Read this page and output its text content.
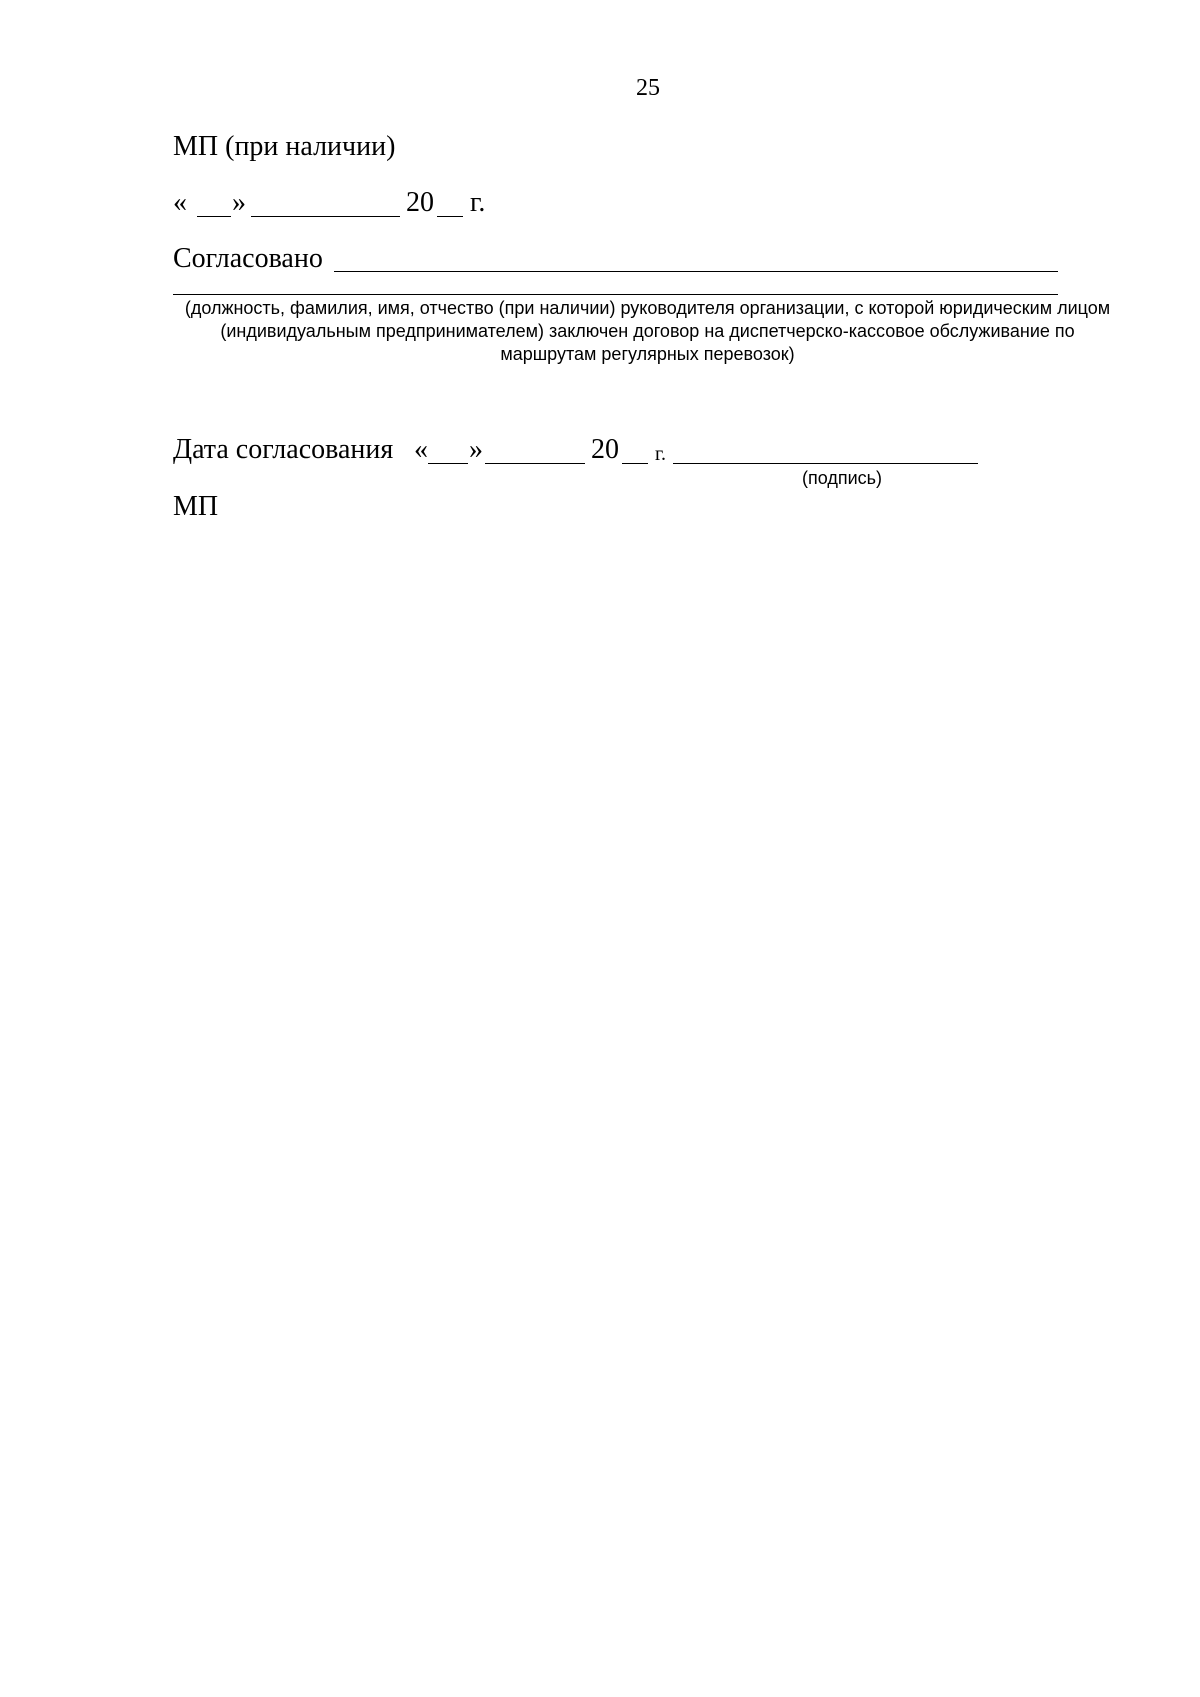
25
МП (при наличии)
« »	20 г.
Согласовано
(должность, фамилия, имя, отчество (при наличии) руководителя организации, с которой юридическим лицом (индивидуальным предпринимателем) заключен договор на диспетчерско-кассовое обслуживание по маршрутам регулярных перевозок)
Дата согласования « »	20 г.
(подпись)
МП
